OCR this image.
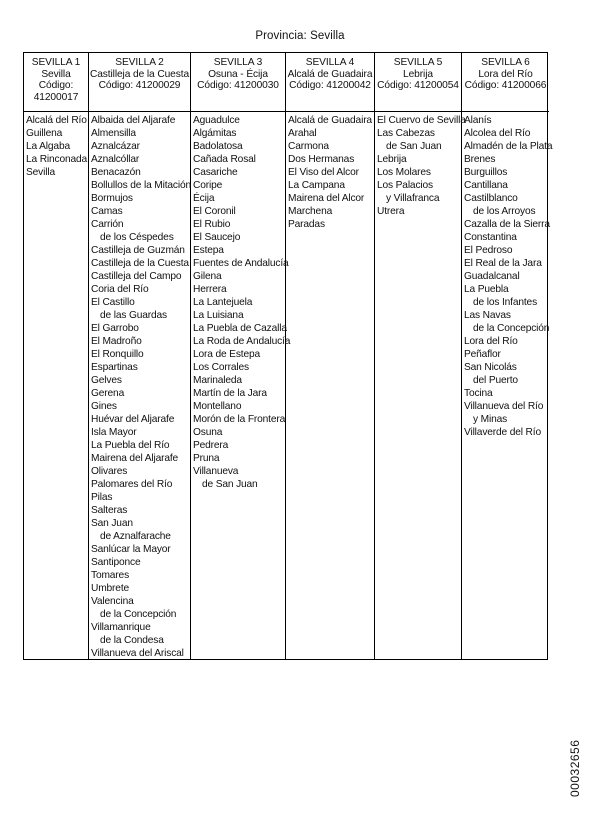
Provincia: Sevilla
SEVILLA 1
Sevilla
Código:
41200017
Alcalá del Río
Guillena
La Algaba
La Rinconada
Sevilla
SEVILLA 2
Castilleja de la Cuesta
Código: 41200029
Albaida del Aljarafe
Almensilla
Aznalcázar
Aznalcóllar
Benacazón
Bollullos de la Mitación
Bormujos
Camas
Carrión
de los Céspedes
Castilleja de Guzmán
Castilleja de la Cuesta
Castilleja del Campo
Coria del Río
El Castillo
de las Guardas
El Garrobo
El Madroño
El Ronquillo
Espartinas
Gelves
Gerena
Gines
Huévar del Aljarafe
Isla Mayor
La Puebla del Río
Mairena del Aljarafe
Olivares
Palomares del Río
Pilas
Salteras
San Juan
de Aznalfarache
Sanlúcar la Mayor
Santiponce
Tomares
Umbrete
Valencina
de la Concepción
Villamanrique
de la Condesa
Villanueva del Ariscal
SEVILLA 3
Osuna - Écija
Código: 41200030
Aguadulce
Algámitas
Badolatosa
Cañada Rosal
Casariche
Coripe
Écija
El Coronil
El Rubio
El Saucejo
Estepa
Fuentes de Andalucía
Gilena
Herrera
La Lantejuela
La Luisiana
La Puebla de Cazalla
La Roda de Andalucía
Lora de Estepa
Los Corrales
Marinaleda
Martín de la Jara
Montellano
Morón de la Frontera
Osuna
Pedrera
Pruna
Villanueva
de San Juan
SEVILLA 4
Alcalá de Guadaira
Código: 41200042
Alcalá de Guadaira
Arahal
Carmona
Dos Hermanas
El Viso del Alcor
La Campana
Mairena del Alcor
Marchena
Paradas
SEVILLA 5
Lebrija
Código: 41200054
El Cuervo de Sevilla
Las Cabezas
de San Juan
Lebrija
Los Molares
Los Palacios
y Villafranca
Utrera
SEVILLA 6
Lora del Río
Código: 41200066
Alanís
Alcolea del Río
Almadén de la Plata
Brenes
Burguillos
Cantillana
Castilblanco
de los Arroyos
Cazalla de la Sierra
Constantina
El Pedroso
El Real de la Jara
Guadalcanal
La Puebla
de los Infantes
Las Navas
de la Concepción
Lora del Río
Peñaflor
San Nicolás
del Puerto
Tocina
Villanueva del Río
y Minas
Villaverde del Río
00032656
